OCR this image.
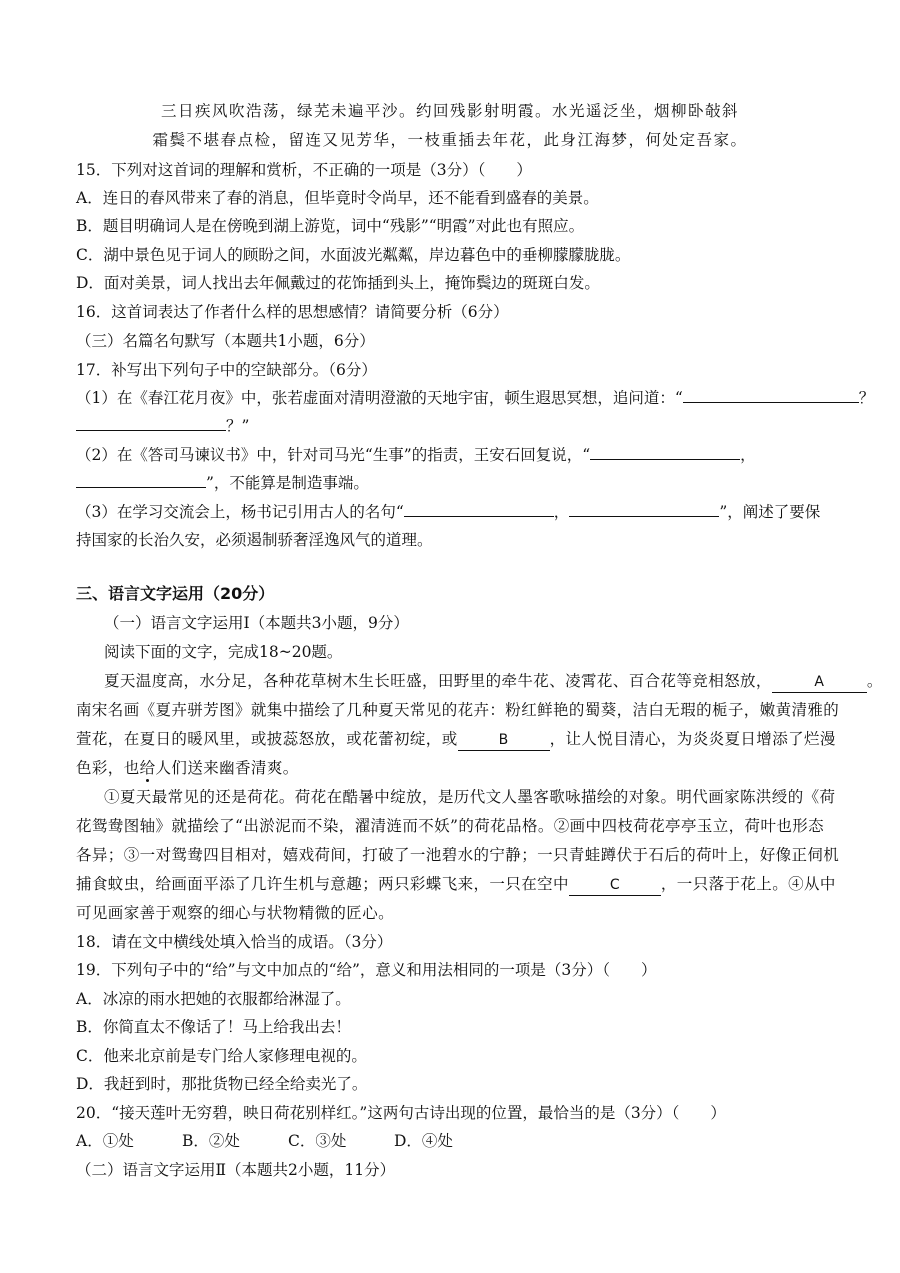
三日疾风吹浩荡，绿芜未遍平沙。约回残影射明霞。水光遥泛坐，烟柳卧敧斜
霜鬓不堪春点检，留连又见芳华，一枝重插去年花，此身江海梦，何处定吾家。
15．下列对这首词的理解和赏析，不正确的一项是（3分）（　　）
A．连日的春风带来了春的消息，但毕竟时令尚早，还不能看到盛春的美景。
B．题目明确词人是在傍晚到湖上游览，词中“残影”“明霞”对此也有照应。
C．湖中景色见于词人的顾盼之间，水面波光粼粼，岸边暮色中的垂柳朦朦胧胧。
D．面对美景，词人找出去年佩戴过的花饰插到头上，掩饰鬓边的斑斑白发。
16．这首词表达了作者什么样的思想感情？请简要分析（6分）
（三）名篇名句默写（本题共1小题，6分）
17．补写出下列句子中的空缺部分。（6分）
（1）在《春江花月夜》中，张若虚面对清明澄澈的天地宇宙，顿生遐思冥想，追问道：“	？
？”
（2）在《答司马谏议书》中，针对司马光“生事”的指责，王安石回复说，“	，
”，不能算是制造事端。
（3）在学习交流会上，杨书记引用古人的名句“	，	”，阐述了要保
持国家的长治久安，必须遏制骄奢淫逸风气的道理。
三、语言文字运用（20分）
（一）语言文字运用Ⅰ（本题共3小题，9分）
阅读下面的文字，完成18~20题。
夏天温度高，水分足，各种花草树木生长旺盛，田野里的牵牛花、凌霄花、百合花等竞相怒放，	A	。
南宋名画《夏卉骈芳图》就集中描绘了几种夏天常见的花卉：粉红鲜艳的蜀葵，洁白无瑕的栀子，嫩黄清雅的
萱花，在夏日的暖风里，或披蕊怒放，或花蕾初绽，或	B	，让人悦目清心，为炎炎夏日增添了烂漫
色彩，也给人们送来幽香清爽。
①夏天最常见的还是荷花。荷花在酷暑中绽放，是历代文人墨客歌咏描绘的对象。明代画家陈洪绶的《荷
花鸳鸯图轴》就描绘了“出淤泥而不染，濯清涟而不妖”的荷花品格。②画中四枝荷花亭亭玉立，荷叶也形态
各异；③一对鸳鸯四目相对，嬉戏荷间，打破了一池碧水的宁静；一只青蛙蹲伏于石后的荷叶上，好像正伺机
捕食蚊虫，给画面平添了几许生机与意趣；两只彩蝶飞来，一只在空中	C	，一只落于花上。④从中
可见画家善于观察的细心与状物精微的匠心。
18．请在文中横线处填入恰当的成语。（3分）
19．下列句子中的“给”与文中加点的“给”，意义和用法相同的一项是（3分）（　　）
A．冰凉的雨水把她的衣服都给淋湿了。
B．你简直太不像话了！马上给我出去！
C．他来北京前是专门给人家修理电视的。
D．我赶到时，那批货物已经全给卖光了。
20．“接天莲叶无穷碧，映日荷花别样红。”这两句古诗出现的位置，最恰当的是（3分）（　　）
A．①处	B．②处	C．③处	D．④处
（二）语言文字运用Ⅱ（本题共2小题，11分）
